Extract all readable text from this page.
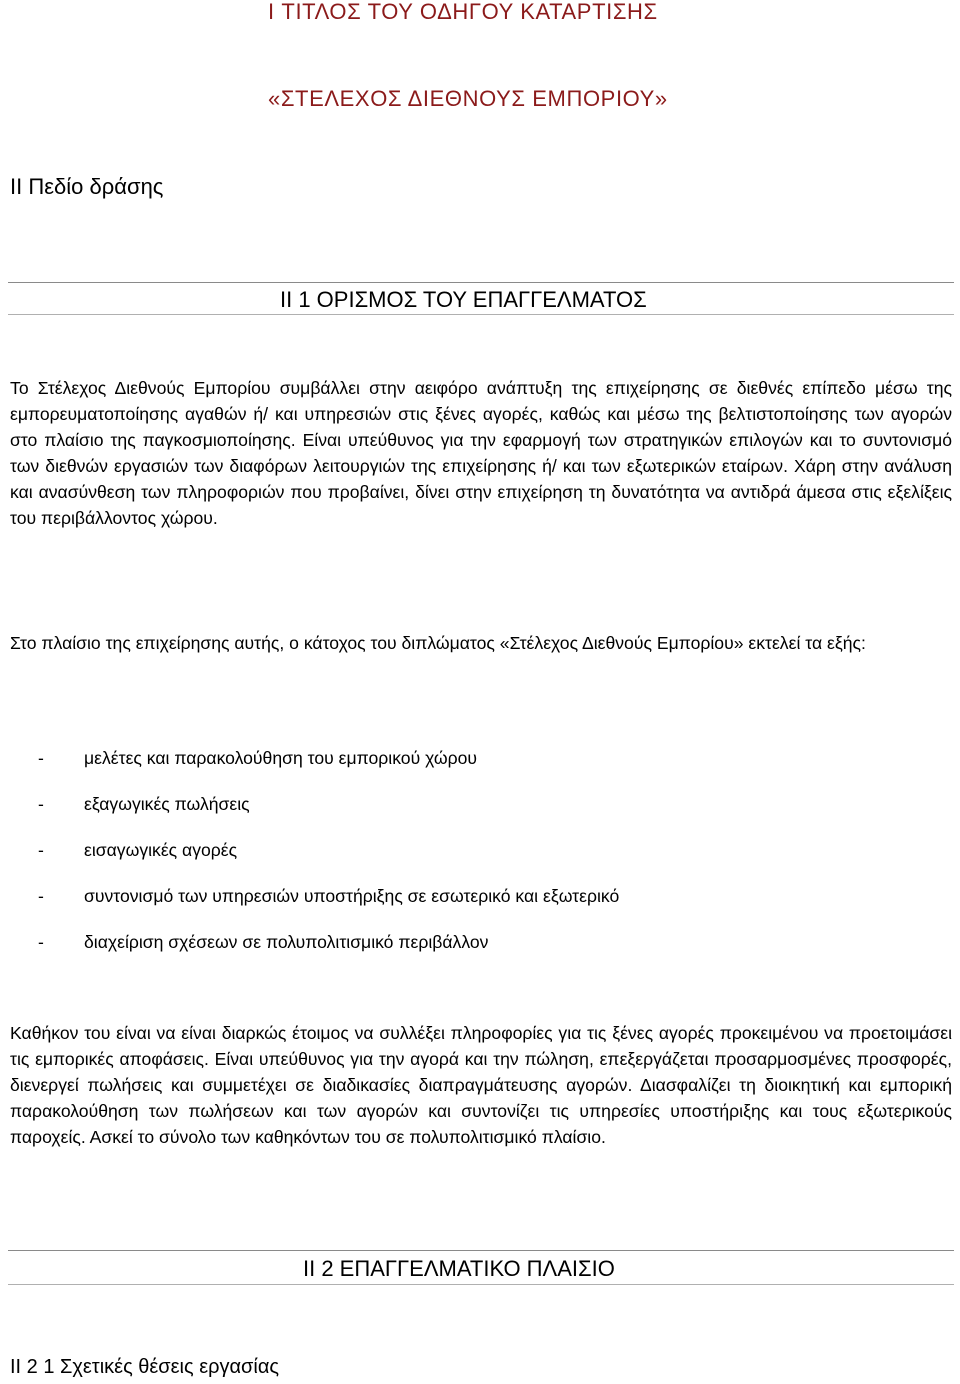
I ΤΙΤΛΟΣ ΤΟΥ ΟΔΗΓΟΥ ΚΑΤΑΡΤΙΣΗΣ
«ΣΤΕΛΕΧΟΣ ΔΙΕΘΝΟΥΣ ΕΜΠΟΡΙΟΥ»
ΙΙ Πεδίο δράσης
ΙΙ 1 ΟΡΙΣΜΟΣ ΤΟΥ ΕΠΑΓΓΕΛΜΑΤΟΣ
Το Στέλεχος Διεθνούς Εμπορίου συμβάλλει στην αειφόρο ανάπτυξη της επιχείρησης σε διεθνές επίπεδο μέσω της εμπορευματοποίησης αγαθών ή/ και υπηρεσιών στις ξένες αγορές, καθώς και μέσω της βελτιστοποίησης των αγορών στο πλαίσιο της παγκοσμιοποίησης. Είναι υπεύθυνος για την εφαρμογή των στρατηγικών επιλογών και το συντονισμό των διεθνών εργασιών των διαφόρων λειτουργιών της επιχείρησης ή/ και των εξωτερικών εταίρων. Χάρη στην ανάλυση και ανασύνθεση των πληροφοριών που προβαίνει, δίνει στην επιχείρηση τη δυνατότητα να αντιδρά άμεσα στις εξελίξεις του περιβάλλοντος χώρου.
Στο πλαίσιο της επιχείρησης αυτής, ο κάτοχος του διπλώματος «Στέλεχος Διεθνούς Εμπορίου» εκτελεί τα εξής:
- μελέτες και παρακολούθηση του εμπορικού χώρου
- εξαγωγικές πωλήσεις
- εισαγωγικές αγορές
- συντονισμό των υπηρεσιών υποστήριξης σε εσωτερικό και εξωτερικό
- διαχείριση σχέσεων σε πολυπολιτισμικό περιβάλλον
Καθήκον του είναι να είναι διαρκώς έτοιμος να συλλέξει πληροφορίες για τις ξένες αγορές προκειμένου να προετοιμάσει τις εμπορικές αποφάσεις. Είναι υπεύθυνος για την αγορά και την πώληση, επεξεργάζεται προσαρμοσμένες προσφορές, διενεργεί πωλήσεις και συμμετέχει σε διαδικασίες διαπραγμάτευσης αγορών. Διασφαλίζει τη διοικητική και εμπορική παρακολούθηση των πωλήσεων και των αγορών και συντονίζει τις υπηρεσίες υποστήριξης και τους εξωτερικούς παροχείς. Ασκεί το σύνολο των καθηκόντων του σε πολυπολιτισμικό πλαίσιο.
ΙΙ 2 ΕΠΑΓΓΕΛΜΑΤΙΚΟ ΠΛΑΙΣΙΟ
ΙΙ 2 1 Σχετικές θέσεις εργασίας
